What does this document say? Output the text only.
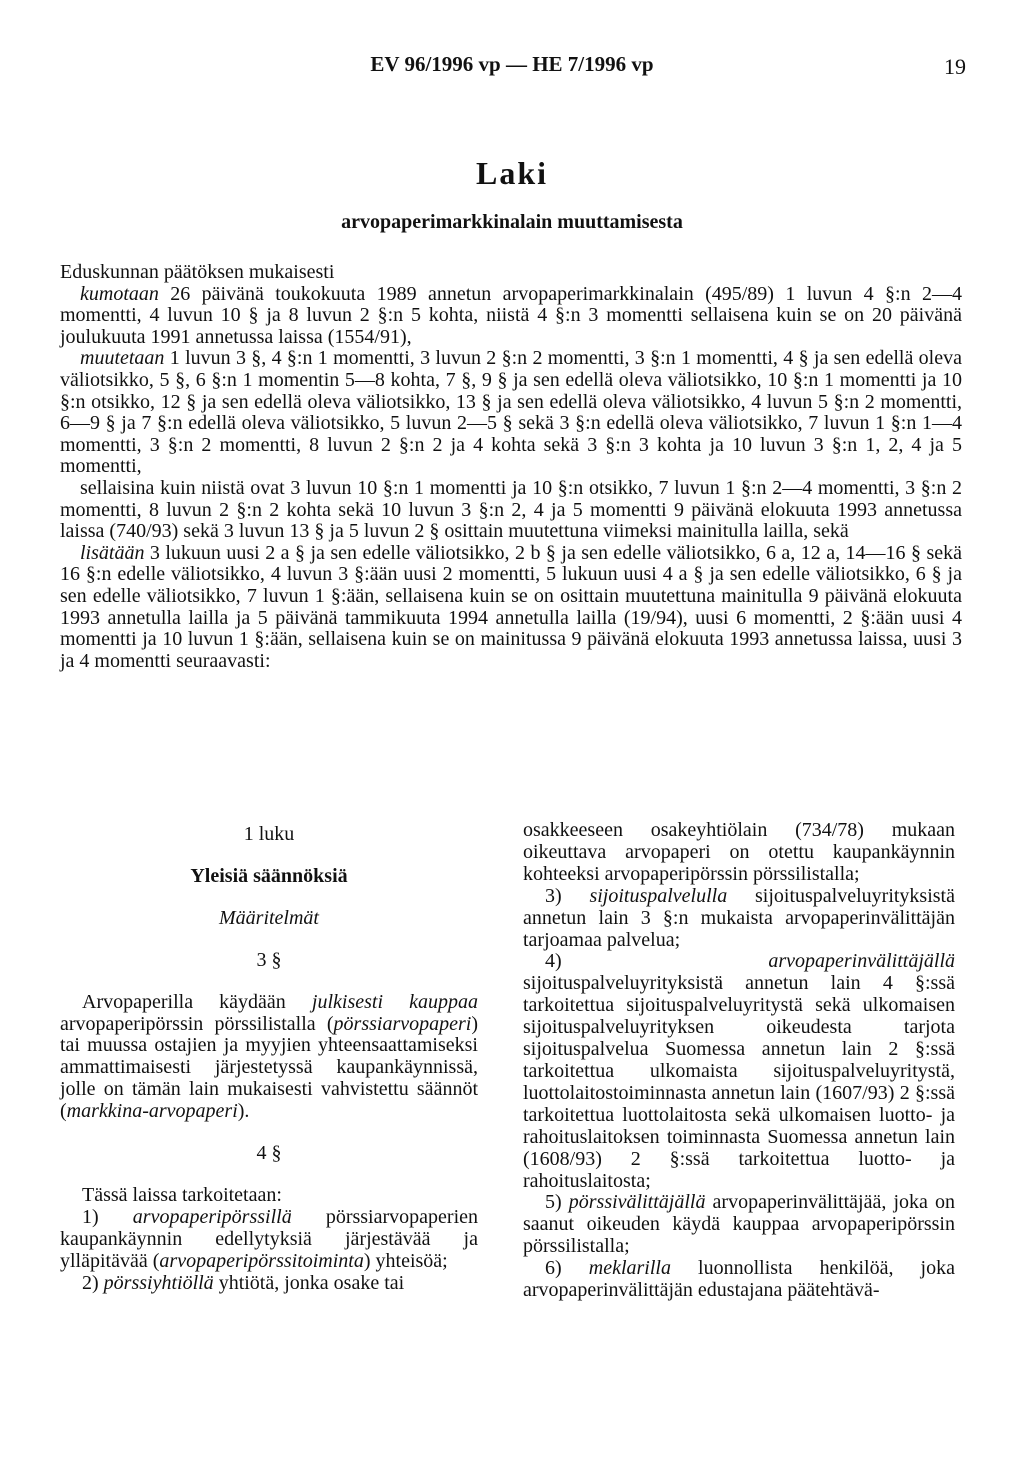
EV 96/1996 vp — HE 7/1996 vp	19
Laki
arvopaperimarkkinalain muuttamisesta

Eduskunnan päätöksen mukaisesti

kumotaan 26 päivänä toukokuuta 1989 annetun arvopaperimarkkinalain (495/89) 1 luvun 4 §:n 2—4 momentti, 4 luvun 10 § ja 8 luvun 2 §:n 5 kohta, niistä 4 §:n 3 momentti sellaisena kuin se on 20 päivänä joulukuuta 1991 annetussa laissa (1554/91),

muutetaan 1 luvun 3 §, 4 §:n 1 momentti, 3 luvun 2 §:n 2 momentti, 3 §:n 1 momentti, 4 § ja sen edellä oleva väliotsikko, 5 §, 6 §:n 1 momentin 5—8 kohta, 7 §, 9 § ja sen edellä oleva väliotsikko, 10 §:n 1 momentti ja 10 §:n otsikko, 12 § ja sen edellä oleva väliotsikko, 13 § ja sen edellä oleva väliotsikko, 4 luvun 5 §:n 2 momentti, 6—9 § ja 7 §:n edellä oleva väliotsikko, 5 luvun 2—5 § sekä 3 §:n edellä oleva väliotsikko, 7 luvun 1 §:n 1—4 momentti, 3 §:n 2 momentti, 8 luvun 2 §:n 2 ja 4 kohta sekä 3 §:n 3 kohta ja 10 luvun 3 §:n 1, 2, 4 ja 5 momentti,

sellaisina kuin niistä ovat 3 luvun 10 §:n 1 momentti ja 10 §:n otsikko, 7 luvun 1 §:n 2—4 momentti, 3 §:n 2 momentti, 8 luvun 2 §:n 2 kohta sekä 10 luvun 3 §:n 2, 4 ja 5 momentti 9 päivänä elokuuta 1993 annetussa laissa (740/93) sekä 3 luvun 13 § ja 5 luvun 2 § osittain muutettuna viimeksi mainitulla lailla, sekä

lisätään 3 lukuun uusi 2 a § ja sen edelle väliotsikko, 2 b § ja sen edelle väliotsikko, 6 a, 12 a, 14—16 § sekä 16 §:n edelle väliotsikko, 4 luvun 3 §:ään uusi 2 momentti, 5 lukuun uusi 4 a § ja sen edelle väliotsikko, 6 § ja sen edelle väliotsikko, 7 luvun 1 §:ään, sellaisena kuin se on osittain muutettuna mainitulla 9 päivänä elokuuta 1993 annetulla lailla ja 5 päivänä tammikuuta 1994 annetulla lailla (19/94), uusi 6 momentti, 2 §:ään uusi 4 momentti ja 10 luvun 1 §:ään, sellaisena kuin se on mainitussa 9 päivänä elokuuta 1993 annetussa laissa, uusi 3 ja 4 momentti seuraavasti:

1 luku

Yleisiä säännöksiä

Määritelmät

3 §

Arvopaperilla käydään julkisesti kauppaa arvopaperipörssin pörssilistalla (pörssiarvopaperi) tai muussa ostajien ja myyjien yhteensaattamiseksi ammattimaisesti järjestetyssä kaupankäynnissä, jolle on tämän lain mukaisesti vahvistettu säännöt (markkina-arvopaperi).

4 §

Tässä laissa tarkoitetaan:

1) arvopaperipörssillä pörssiarvopaperien kaupankäynnin edellytyksiä järjestävää ja ylläpitävää (arvopaperipörssitoiminta) yhteisöä;

2) pörssiyhtiöllä yhtiötä, jonka osake tai

osakkeeseen osakeyhtiölain (734/78) mukaan oikeuttava arvopaperi on otettu kaupankäynnin kohteeksi arvopaperipörssin pörssilistalla;

3) sijoituspalvelulla sijoituspalveluyrityksistä annetun lain 3 §:n mukaista arvopaperinvälittäjän tarjoamaa palvelua;

4) arvopaperinvälittäjällä sijoituspalveluyrityksistä annetun lain 4 §:ssä tarkoitettua sijoituspalveluyritystä sekä ulkomaisen sijoituspalveluyrityksen oikeudesta tarjota sijoituspalvelua Suomessa annetun lain 2 §:ssä tarkoitettua ulkomaista sijoituspalveluyritystä, luottolaitostoiminnasta annetun lain (1607/93) 2 §:ssä tarkoitettua luottolaitosta sekä ulkomaisen luotto- ja rahoituslaitoksen toiminnasta Suomessa annetun lain (1608/93) 2 §:ssä tarkoitettua luotto- ja rahoituslaitosta;

5) pörssivälittäjällä arvopaperinvälittäjää, joka on saanut oikeuden käydä kauppaa arvopaperipörssin pörssilistalla;

6) meklarilla luonnollista henkilöä, joka arvopaperinvälittäjän edustajana päätehtävä-
